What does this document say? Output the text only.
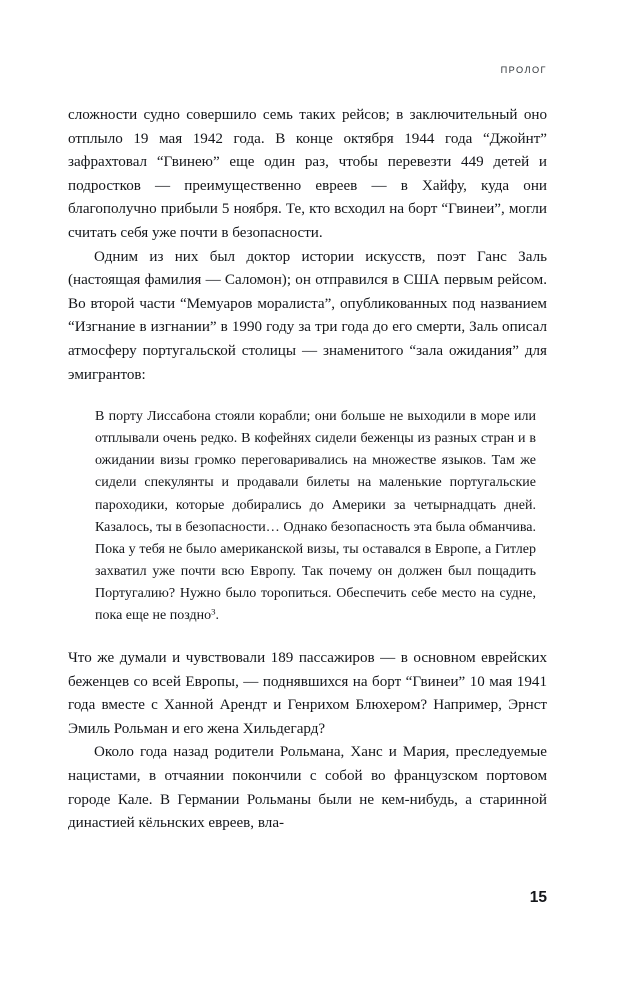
ПРОЛОГ

сложности судно совершило семь таких рейсов; в заключительный оно отплыло 19 мая 1942 года. В конце октября 1944 года “Джойнт” зафрахтовал “Гвинею” еще один раз, чтобы перевезти 449 детей и подростков — преимущественно евреев — в Хайфу, куда они благополучно прибыли 5 ноября. Те, кто всходил на борт “Гвинеи”, могли считать себя уже почти в безопасности.

Одним из них был доктор истории искусств, поэт Ганс Заль (настоящая фамилия — Саломон); он отправился в США первым рейсом. Во второй части “Мемуаров моралиста”, опубликованных под названием “Изгнание в изгнании” в 1990 году за три года до его смерти, Заль описал атмосферу португальской столицы — знаменитого “зала ожидания” для эмигрантов:

В порту Лиссабона стояли корабли; они больше не выходили в море или отплывали очень редко. В кофейнях сидели беженцы из разных стран и в ожидании визы громко переговаривались на множестве языков. Там же сидели спекулянты и продавали билеты на маленькие португальские пароходики, которые добирались до Америки за четырнадцать дней. Казалось, ты в безопасности… Однако безопасность эта была обманчива. Пока у тебя не было американской визы, ты оставался в Европе, а Гитлер захватил уже почти всю Европу. Так почему он должен был пощадить Португалию? Нужно было торопиться. Обеспечить себе место на судне, пока еще не поздно$^3$.

Что же думали и чувствовали 189 пассажиров — в основном еврейских беженцев со всей Европы, — поднявшихся на борт “Гвинеи” 10 мая 1941 года вместе с Ханной Арендт и Генрихом Блюхером? Например, Эрнст Эмиль Рольман и его жена Хильдегард?

Около года назад родители Рольмана, Ханс и Мария, преследуемые нацистами, в отчаянии покончили с собой во французском портовом городе Кале. В Германии Рольманы были не кем-нибудь, а старинной династией кёльнских евреев, вла-

15
